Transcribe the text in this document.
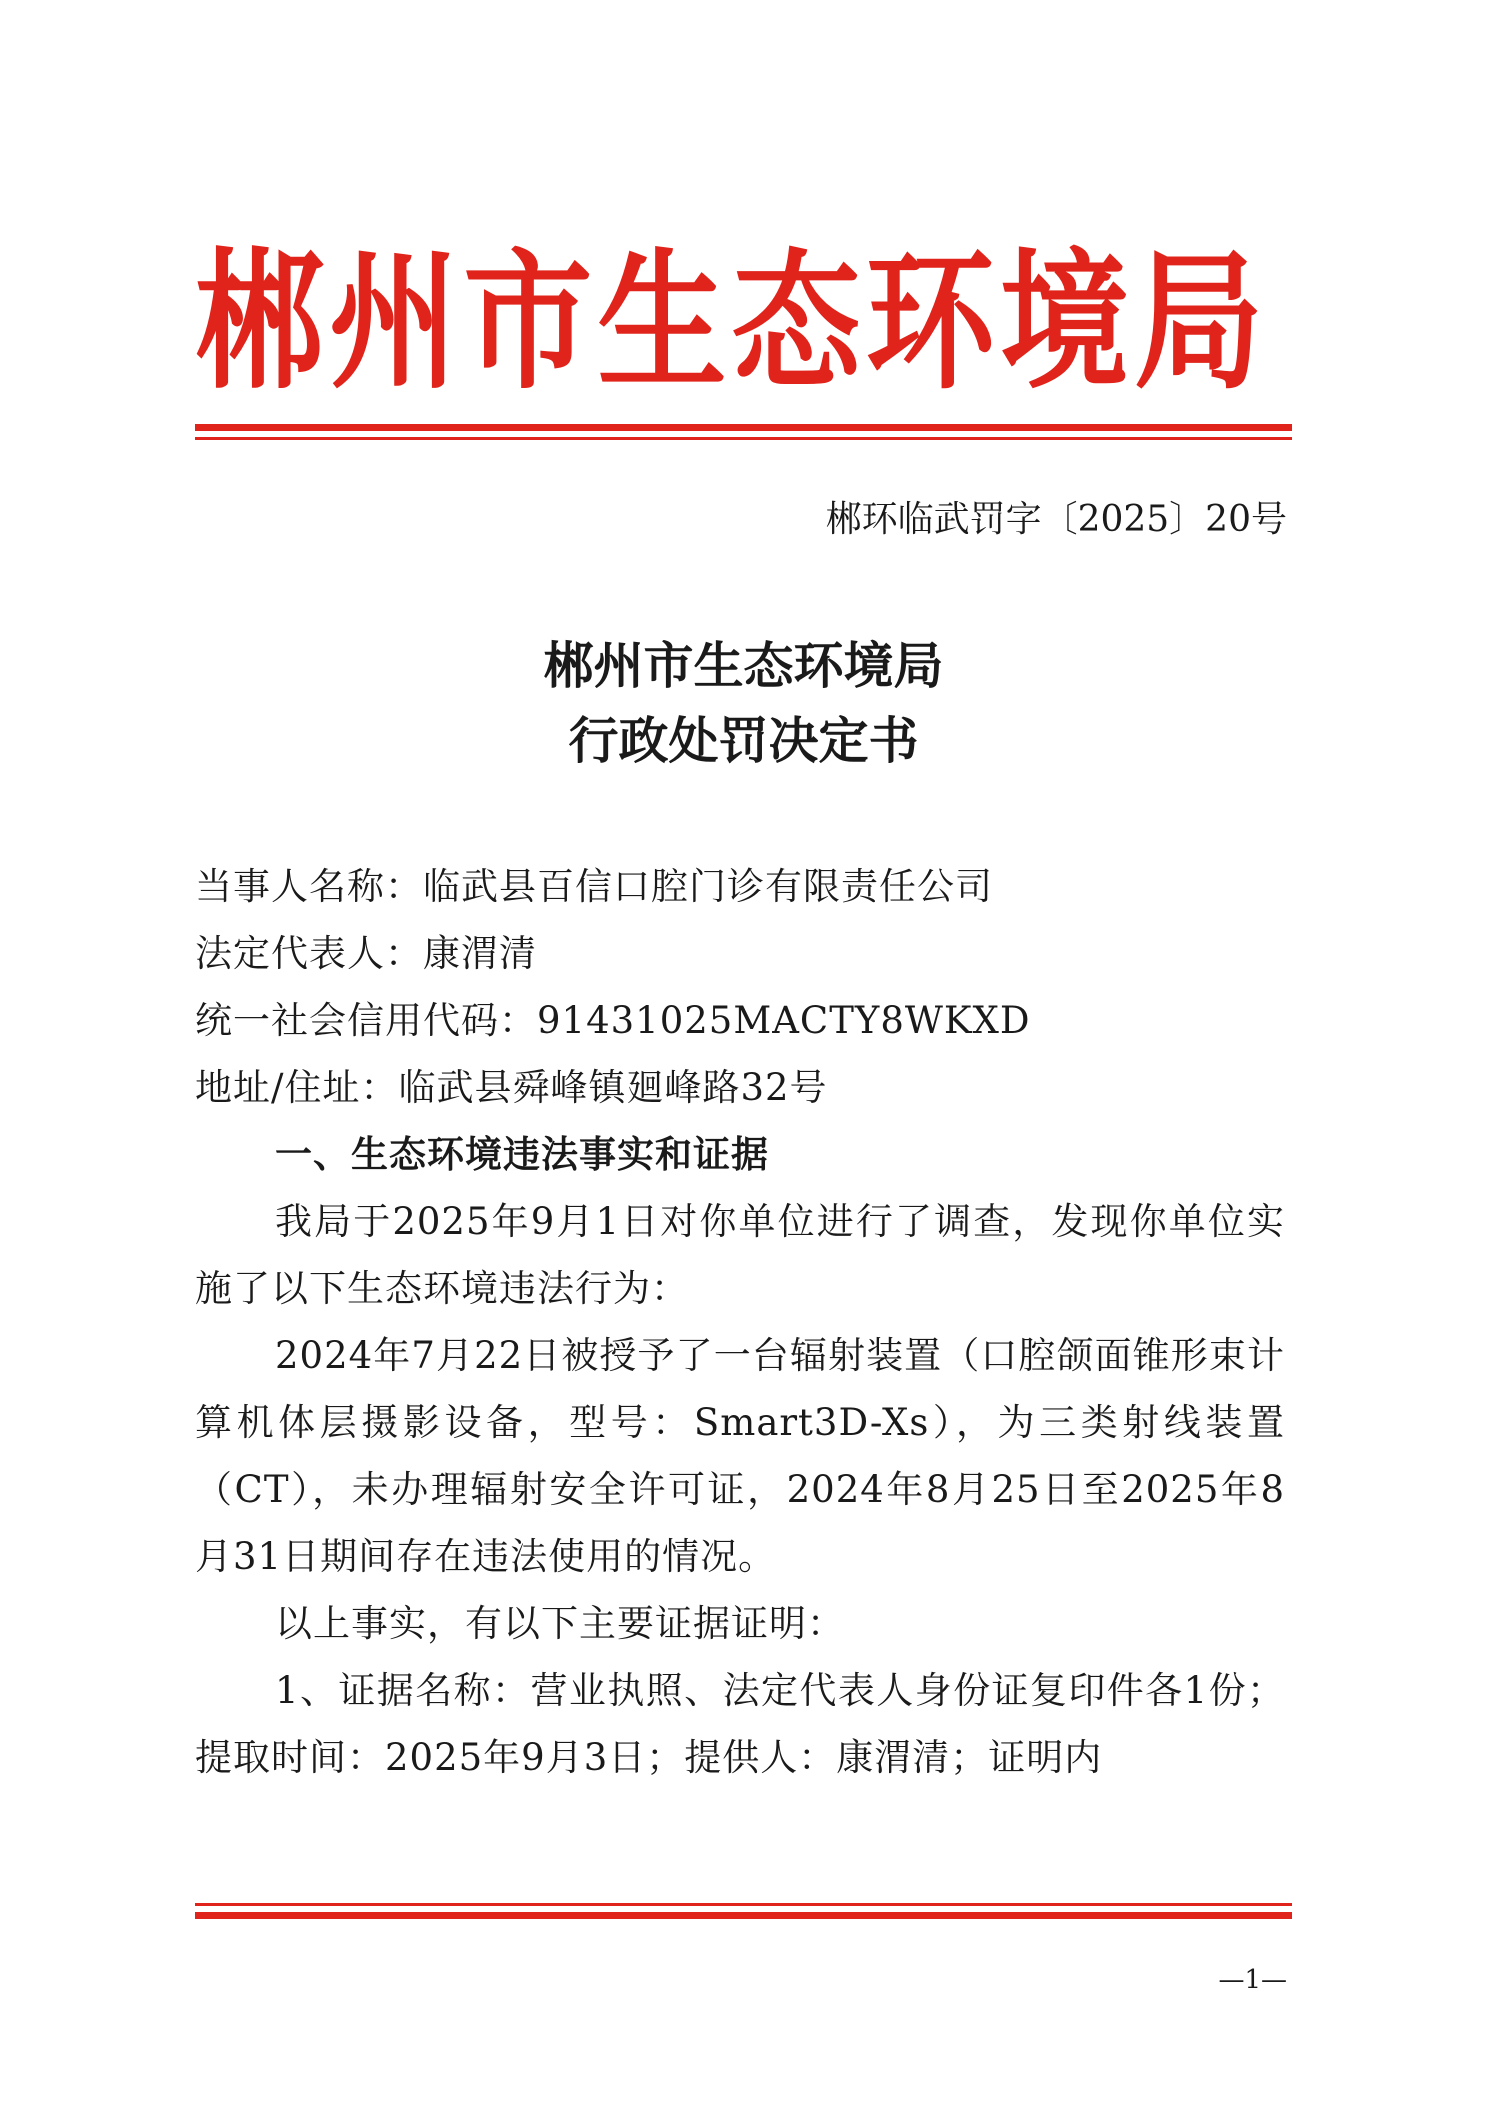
郴州市生态环境局
郴环临武罚字〔2025〕20号
郴州市生态环境局
行政处罚决定书
当事人名称：临武县百信口腔门诊有限责任公司
法定代表人：康渭清
统一社会信用代码：91431025MACTY8WKXD
地址/住址：临武县舜峰镇廻峰路32号
一、生态环境违法事实和证据
我局于2025年9月1日对你单位进行了调查，发现你单位实施了以下生态环境违法行为：
2024年7月22日被授予了一台辐射装置（口腔颌面锥形束计算机体层摄影设备，型号：Smart3D-Xs），为三类射线装置（CT），未办理辐射安全许可证，2024年8月25日至2025年8月31日期间存在违法使用的情况。
以上事实，有以下主要证据证明：
1、证据名称：营业执照、法定代表人身份证复印件各1份；提取时间：2025年9月3日；提供人：康渭清；证明内
—1—
